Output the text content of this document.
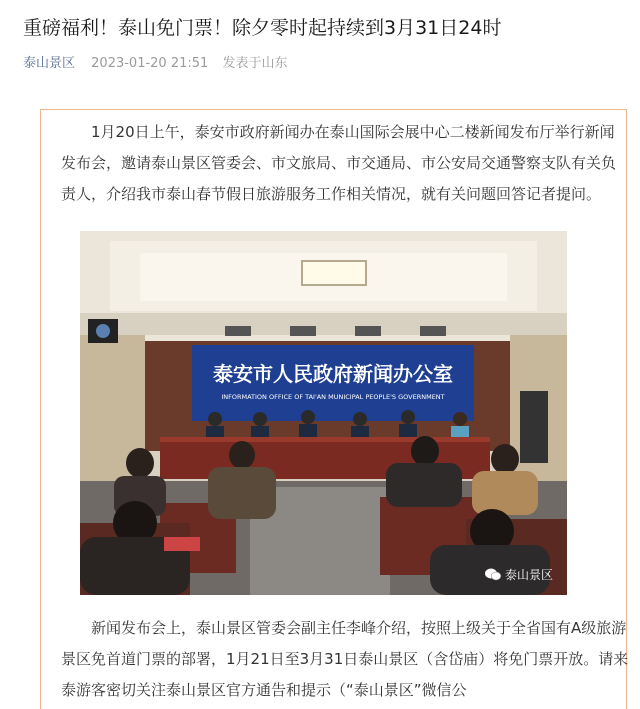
重磅福利！泰山免门票！除夕零时起持续到3月31日24时
泰山景区 2023-01-20 21:51 发表于山东

1月20日上午，泰安市政府新闻办在泰山国际会展中心二楼新闻发布厅举行新闻发布会，邀请泰山景区管委会、市文旅局、市交通局、市公安局交通警察支队有关负责人，介绍我市泰山春节假日旅游服务工作相关情况，就有关问题回答记者提问。

泰安市人民政府新闻办公室
INFORMATION OFFICE OF TAI'AN MUNICIPAL PEOPLE'S GOVERNMENT
泰山景区

新闻发布会上，泰山景区管委会副主任李峰介绍，按照上级关于全省国有A级旅游景区免首道门票的部署，1月21日至3月31日泰山景区（含岱庙）将免门票开放。请来泰游客密切关注泰山景区官方通告和提示（“泰山景区”微信公
